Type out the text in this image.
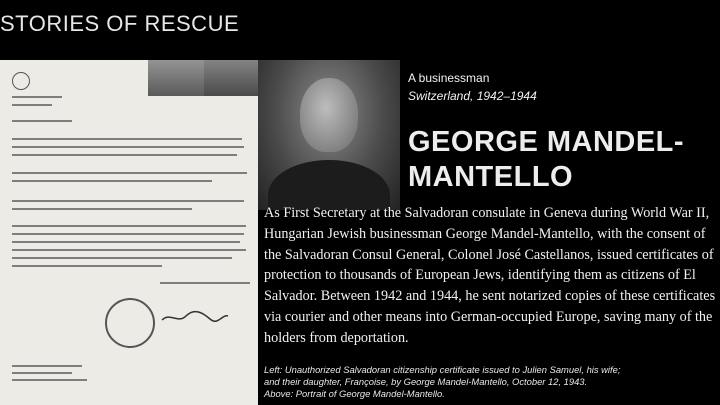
STORIES OF RESCUE
A businessman
Switzerland, 1942–1944
GEORGE MANDEL-MANTELLO

As First Secretary at the Salvadoran consulate in Geneva during World War II, Hungarian Jewish businessman George Mandel-Mantello, with the consent of the Salvadoran Consul General, Colonel José Castellanos, issued certificates of protection to thousands of European Jews, identifying them as citizens of El Salvador. Between 1942 and 1944, he sent notarized copies of these certificates via courier and other means into German-occupied Europe, saving many of the holders from deportation.

Left: Unauthorized Salvadoran citizenship certificate issued to Julien Samuel, his wife;
and their daughter, Françoise, by George Mandel-Mantello, October 12, 1943.
Above: Portrait of George Mandel-Mantello.
